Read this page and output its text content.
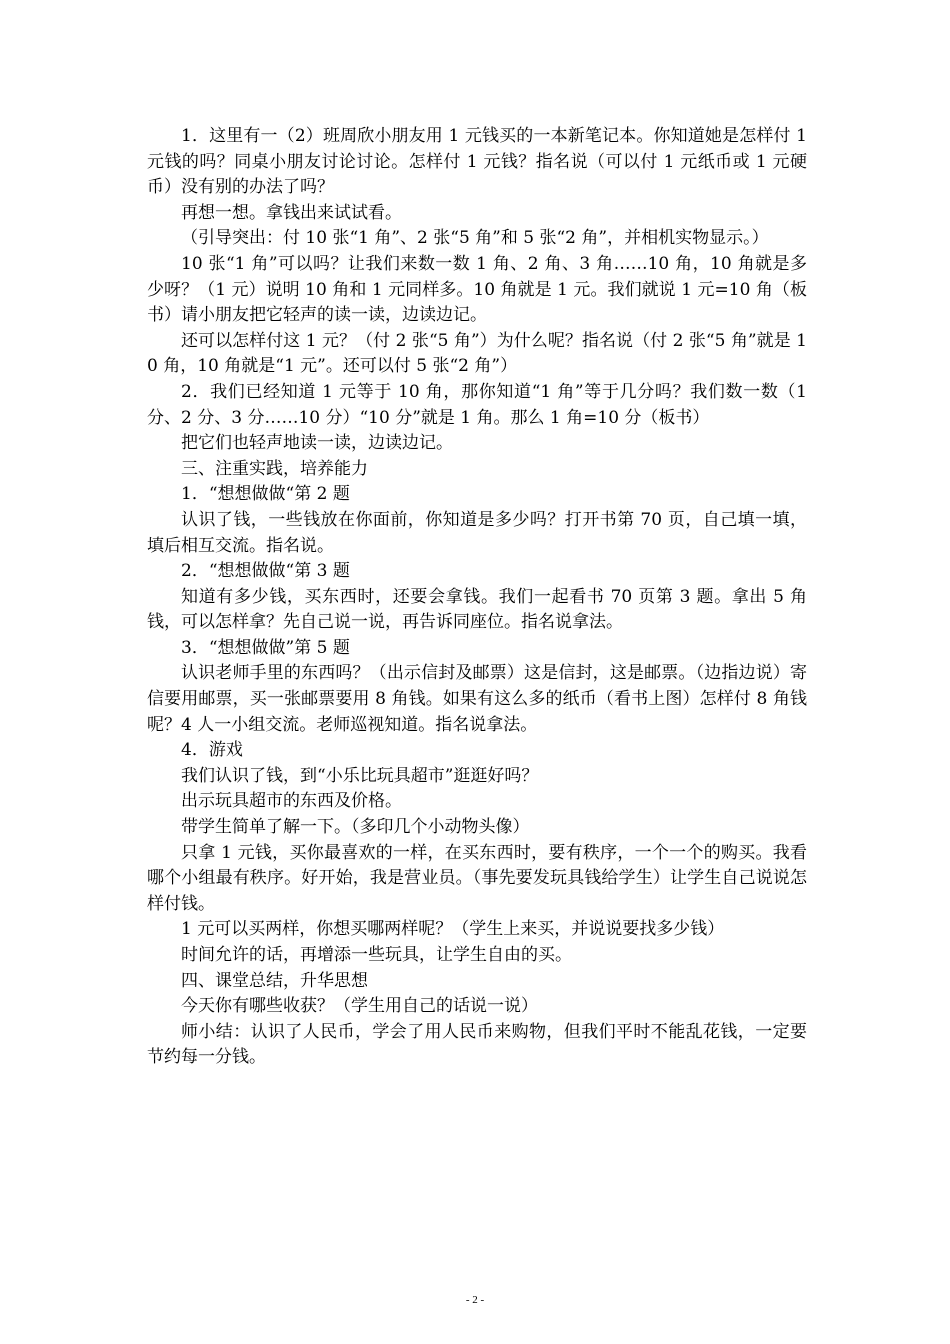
1．这里有一（2）班周欣小朋友用 1 元钱买的一本新笔记本。你知道她是怎样付 1 元钱的吗？同桌小朋友讨论讨论。怎样付 1 元钱？指名说（可以付 1 元纸币或 1 元硬币）没有别的办法了吗？

再想一想。拿钱出来试试看。

（引导突出：付 10 张“1 角”、2 张“5 角”和 5 张“2 角”，并相机实物显示。）

10 张“1 角”可以吗？让我们来数一数 1 角、2 角、3 角……10 角，10 角就是多少呀？（1 元）说明 10 角和 1 元同样多。10 角就是 1 元。我们就说 1 元=10 角（板书）请小朋友把它轻声的读一读，边读边记。

还可以怎样付这 1 元？（付 2 张“5 角”）为什么呢？指名说（付 2 张“5 角”就是 10 角，10 角就是“1 元”。还可以付 5 张“2 角”）

2．我们已经知道 1 元等于 10 角，那你知道“1 角”等于几分吗？我们数一数（1 分、2 分、3 分……10 分）“10 分”就是 1 角。那么 1 角=10 分（板书）

把它们也轻声地读一读，边读边记。

三、注重实践，培养能力

1．“想想做做“第 2 题

认识了钱，一些钱放在你面前，你知道是多少吗？打开书第 70 页，自己填一填，填后相互交流。指名说。

2．“想想做做“第 3 题

知道有多少钱，买东西时，还要会拿钱。我们一起看书 70 页第 3 题。拿出 5 角钱，可以怎样拿？先自己说一说，再告诉同座位。指名说拿法。

3．“想想做做”第 5 题

认识老师手里的东西吗？（出示信封及邮票）这是信封，这是邮票。（边指边说）寄信要用邮票，买一张邮票要用 8 角钱。如果有这么多的纸币（看书上图）怎样付 8 角钱呢？4 人一小组交流。老师巡视知道。指名说拿法。

4．游戏

我们认识了钱，到“小乐比玩具超市”逛逛好吗？

出示玩具超市的东西及价格。

带学生简单了解一下。（多印几个小动物头像）

只拿 1 元钱，买你最喜欢的一样，在买东西时，要有秩序，一个一个的购买。我看哪个小组最有秩序。好开始，我是营业员。（事先要发玩具钱给学生）让学生自己说说怎样付钱。

1 元可以买两样，你想买哪两样呢？（学生上来买，并说说要找多少钱）

时间允许的话，再增添一些玩具，让学生自由的买。

四、课堂总结，升华思想

今天你有哪些收获？（学生用自己的话说一说）

师小结：认识了人民币，学会了用人民币来购物，但我们平时不能乱花钱，一定要节约每一分钱。

- 2 -
